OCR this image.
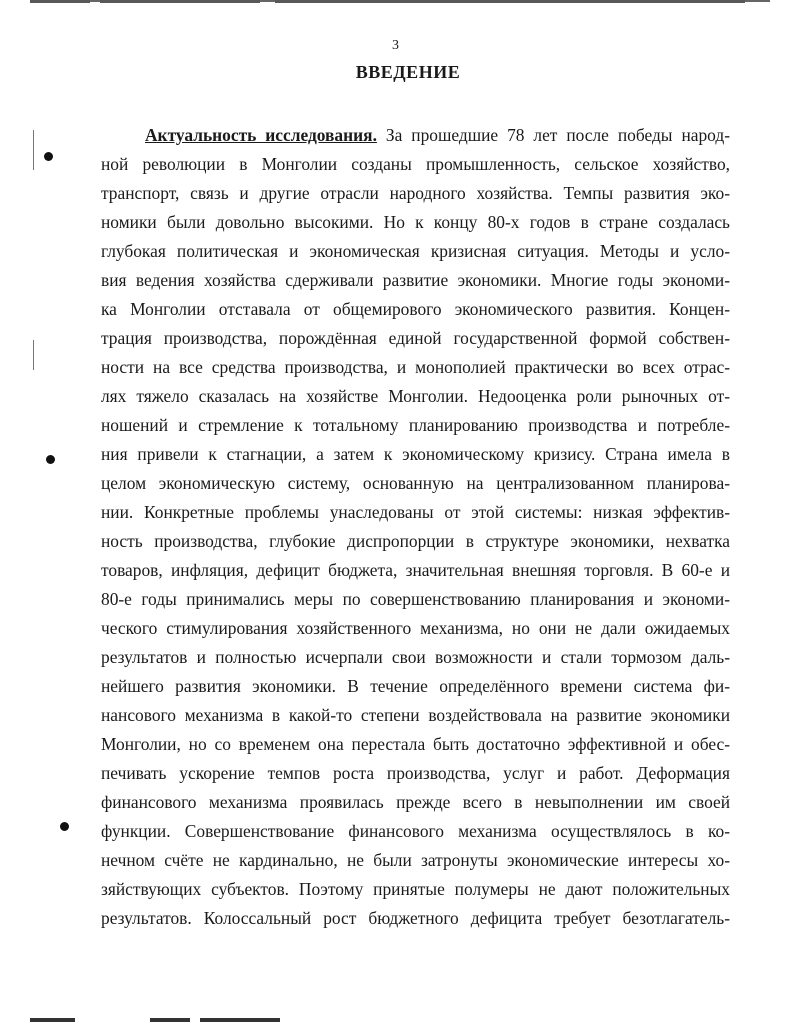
3
ВВЕДЕНИЕ
Актуальность исследования. За прошедшие 78 лет после победы народ-
ной революции в Монголии созданы промышленность, сельское хозяйство,
транспорт, связь и другие отрасли народного хозяйства. Темпы развития эко-
номики были довольно высокими. Но к концу 80-х годов в стране создалась
глубокая политическая и экономическая кризисная ситуация. Методы и усло-
вия ведения хозяйства сдерживали развитие экономики. Многие годы экономи-
ка Монголии отставала от общемирового экономического развития. Концен-
трация производства, порождённая единой государственной формой собствен-
ности на все средства производства, и монополией практически во всех отрас-
лях тяжело сказалась на хозяйстве Монголии. Недооценка роли рыночных от-
ношений и стремление к тотальному планированию производства и потребле-
ния привели к стагнации, а затем к экономическому кризису. Страна имела в
целом экономическую систему, основанную на централизованном планирова-
нии. Конкретные проблемы унаследованы от этой системы: низкая эффектив-
ность производства, глубокие диспропорции в структуре экономики, нехватка
товаров, инфляция, дефицит бюджета, значительная внешняя торговля. В 60-е и
80-е годы принимались меры по совершенствованию планирования и экономи-
ческого стимулирования хозяйственного механизма, но они не дали ожидаемых
результатов и полностью исчерпали свои возможности и стали тормозом даль-
нейшего развития экономики. В течение определённого времени система фи-
нансового механизма в какой-то степени воздействовала на развитие экономики
Монголии, но со временем она перестала быть достаточно эффективной и обес-
печивать ускорение темпов роста производства, услуг и работ. Деформация
финансового механизма проявилась прежде всего в невыполнении им своей
функции. Совершенствование финансового механизма осуществлялось в ко-
нечном счёте не кардинально, не были затронуты экономические интересы хо-
зяйствующих субъектов. Поэтому принятые полумеры не дают положительных
результатов. Колоссальный рост бюджетного дефицита требует безотлагатель-
